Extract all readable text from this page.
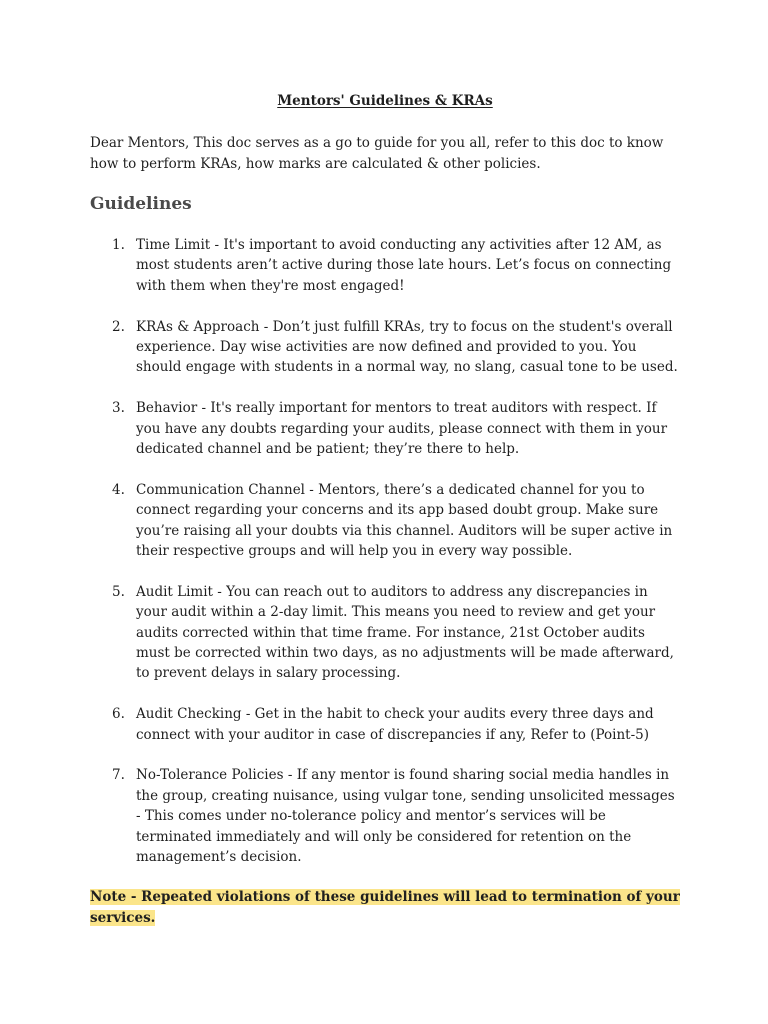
Mentors' Guidelines & KRAs

Dear Mentors, This doc serves as a go to guide for you all, refer to this doc to know how to perform KRAs, how marks are calculated & other policies.

Guidelines
1. Time Limit - It's important to avoid conducting any activities after 12 AM, as most students aren’t active during those late hours. Let’s focus on connecting with them when they're most engaged!
2. KRAs & Approach - Don’t just fulfill KRAs, try to focus on the student's overall experience. Day wise activities are now defined and provided to you. You should engage with students in a normal way, no slang, casual tone to be used.
3. Behavior - It's really important for mentors to treat auditors with respect. If you have any doubts regarding your audits, please connect with them in your dedicated channel and be patient; they’re there to help.
4. Communication Channel - Mentors, there’s a dedicated channel for you to connect regarding your concerns and its app based doubt group. Make sure you’re raising all your doubts via this channel. Auditors will be super active in their respective groups and will help you in every way possible.
5. Audit Limit - You can reach out to auditors to address any discrepancies in your audit within a 2-day limit. This means you need to review and get your audits corrected within that time frame. For instance, 21st October audits must be corrected within two days, as no adjustments will be made afterward, to prevent delays in salary processing.
6. Audit Checking - Get in the habit to check your audits every three days and connect with your auditor in case of discrepancies if any, Refer to (Point-5)
7. No-Tolerance Policies - If any mentor is found sharing social media handles in the group, creating nuisance, using vulgar tone, sending unsolicited messages - This comes under no-tolerance policy and mentor’s services will be terminated immediately and will only be considered for retention on the management’s decision.

Note - Repeated violations of these guidelines will lead to termination of your services.
